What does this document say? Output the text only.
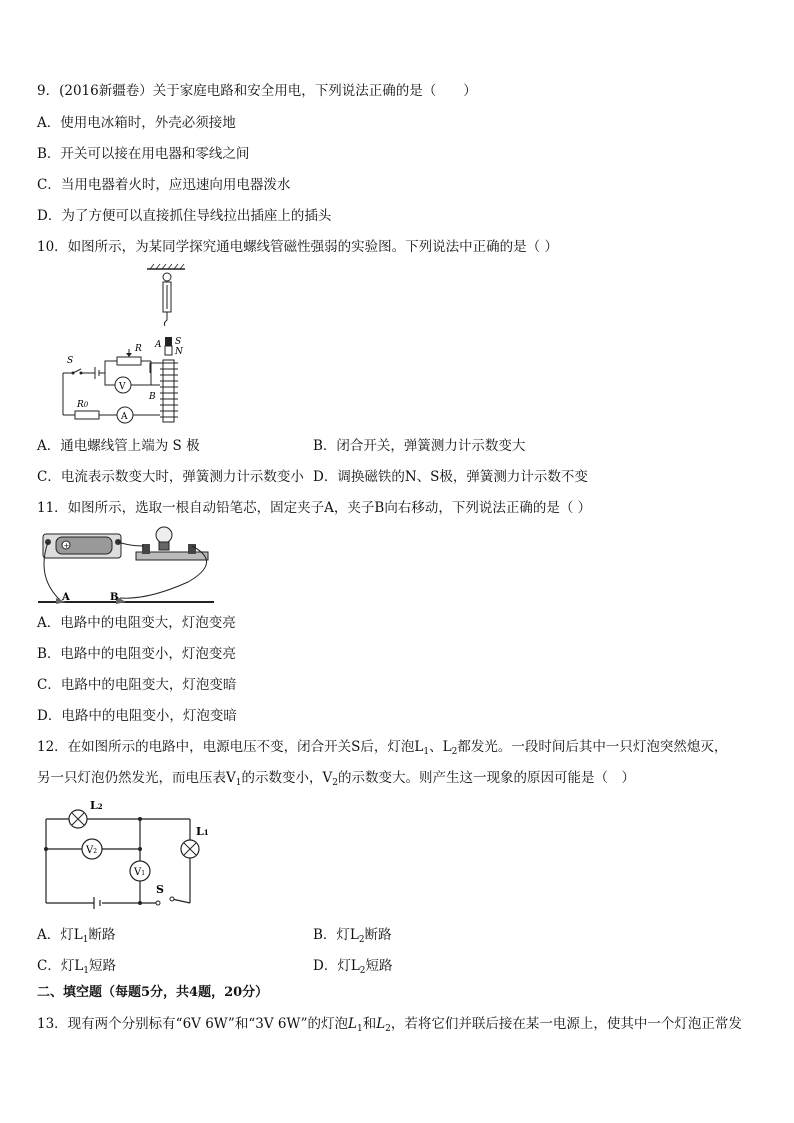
9．(2016新疆卷）关于家庭电路和安全用电，下列说法正确的是（　　）
A．使用电冰箱时，外壳必须接地
B．开关可以接在用电器和零线之间
C．当用电器着火时，应迅速向用电器泼水
D．为了方便可以直接抓住导线拉出插座上的插头
10．如图所示，为某同学探究通电螺线管磁性强弱的实验图。下列说法中正确的是（ ）
A S
N
B
S
R
V
R0
A
A．通电螺线管上端为 S 极	B．闭合开关，弹簧测力计示数变大
C．电流表示数变大时，弹簧测力计示数变小 D．调换磁铁的N、S极，弹簧测力计示数不变
11．如图所示，选取一根自动铅笔芯，固定夹子A，夹子B向右移动，下列说法正确的是（ ）
+
A	B
A．电路中的电阻变大，灯泡变亮
B．电路中的电阻变小，灯泡变亮
C．电路中的电阻变大，灯泡变暗
D．电路中的电阻变小，灯泡变暗
12．在如图所示的电路中，电源电压不变，闭合开关S后，灯泡$L_1$、$L_2$都发光。一段时间后其中一只灯泡突然熄灭，
另一只灯泡仍然发光，而电压表$V_1$的示数变小，$V_2$的示数变大。则产生这一现象的原因可能是（　）
L2
L1
V2
V1
S
A．灯$L_1$断路	B．灯$L_2$断路
C．灯$L_1$短路	D．灯$L_2$短路
二、填空题（每题5分，共4题，20分）
13．现有两个分别标有“6V 6W”和“3V 6W”的灯泡$L_1$和$L_2$，若将它们并联后接在某一电源上，使其中一个灯泡正常发
